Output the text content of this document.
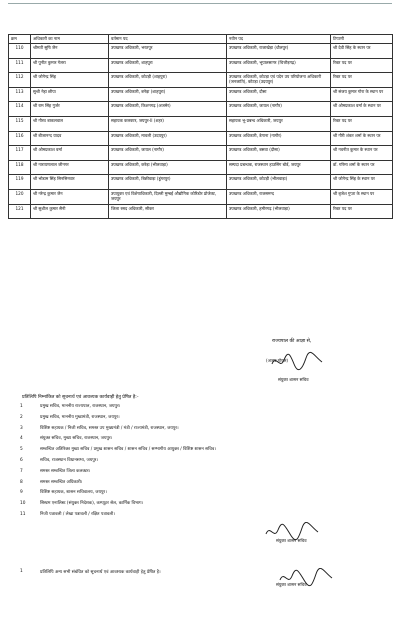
क्रम	अधिकारी का नाम	वर्तमान पद	नवीन पद	टिप्पणी
110	श्रीमती सुषि जैन	उपखण्ड अधिकारी, भरतपुर	उपखण्ड अधिकारी, राजाखेड़ा (धौलपुर)	श्री देवी सिंह के स्थान पर
111	श्री पुनीत कुमार गेलरा	उपखण्ड अधिकारी, शाहपुरा	उपखण्ड अधिकारी, भूपालसागर (चित्तौड़गढ़)	रिक्त पद पर
112	श्री जोगेन्द्र सिंह	उपखण्ड अधिकारी, कोटड़ी (शाहपुरा)	उपखण्ड अधिकारी, कोटड़ा एवं पदेन उप परियोजना अधिकारी (जनजाति), कोटड़ा (उदयपुर)	रिक्त पद पर
113	सुश्री नेहा छीपा	उपखण्ड अधिकारी, बनेड़ा (शाहपुरा)	उपखण्ड अधिकारी, दौसा	श्री संजय कुमार गोरा के स्थान पर
114	श्री राम सिंह गुर्जर	उपखण्ड अधिकारी, किशनगढ़ (अजमेर)	उपखण्ड अधिकारी, जायल (नागौर)	श्री ओमप्रकाश वर्मा के स्थान पर
115	श्री गौरव बाकलवाल	सहायक कलक्टर, जयपुर-II (शहर)	सहायक भू-प्रबन्ध अधिकारी, जयपुर	रिक्त पद पर
116	श्री बीजानन्द यादव	उपखण्ड अधिकारी, मावली (उदयपुर)	उपखण्ड अधिकारी, डेगाना (नागौर)	श्री गौरी शंकर शर्मा के स्थान पर
117	श्री ओमप्रकाश वर्मा	उपखण्ड अधिकारी, जायल (नागौर)	उपखण्ड अधिकारी, बसवा (दौसा)	श्री नवनीत कुमार के स्थान पर
118	श्री नारायणलाल जीनगर	उपखण्ड अधिकारी, करेड़ा (भीलवाड़ा)	सम्पदा प्रबन्धक, राजस्थान हाउसिंग बोर्ड, जयपुर	डॉ. गरिमा शर्मा के स्थान पर
119	श्री भोडाम सिंह सिनसिनवार	उपखण्ड अधिकारी, बिछीवाड़ा (डूंगरपुर)	उपखण्ड अधिकारी, कोटड़ी (भीलवाड़ा)	श्री जोगेन्द्र सिंह के स्थान पर
120	श्री नरेन्द्र कुमार जैन	उपायुक्त एवं विशेषाधिकारी, दिल्ली मुम्बई औद्योगिक कोरिडोर प्रोजेक्ट, जयपुर	उपखण्ड अधिकारी, राजसमन्द	श्री बृजेश गुप्ता के स्थान पर
121	श्री सुशील कुमार सैनी	जिला रसद अधिकारी, सीकर	उपखण्ड अधिकारी, हमीरगढ़ (भीलवाड़ा)	रिक्त पद पर
राज्यपाल की आज्ञा से,
(अजय गोयल)
संयुक्त शासन सचिव
प्रतिलिपि निम्नांकित को सूचनार्थ एवं आवश्यक कार्यवाही हेतु प्रेषित है:-
1	प्रमुख सचिव, माननीय राज्यपाल, राजस्थान, जयपुर।
2	प्रमुख सचिव, माननीय मुख्यमंत्री, राजस्थान, जयपुर।
3	विशिष्ट सहायक / निजी सचिव, समस्त उप मुख्यमंत्री / मंत्री / राज्यमंत्री, राजस्थान, जयपुर।
4	संयुक्त सचिव, मुख्य सचिव, राजस्थान, जयपुर।
5	सम्बन्धित अतिरिक्त मुख्य सचिव / प्रमुख शासन सचिव / शासन सचिव / सम्भागीय आयुक्त / विशिष्ट शासन सचिव।
6	सचिव, राजस्थान विधानसभा, जयपुर।
7	समस्त सम्बन्धित जिला कलक्टर।
8	समस्त सम्बन्धित अधिकारी।
9	विशिष्ट सहायक, शासन सचिवालय, जयपुर।
10	सिस्टम एनालिस्ट (संयुक्त निदेशक), कम्प्यूटर सेल, कार्मिक विभाग।
11	निजी पत्रावली / लेखा पत्रावली / रक्षित पत्रावली।
संयुक्त शासन सचिव
1	प्रतिलिपि अन्य सभी संबंधित को सूचनार्थ एवं आवश्यक कार्यवाही हेतु प्रेषित है।
संयुक्त शासन सचिव
